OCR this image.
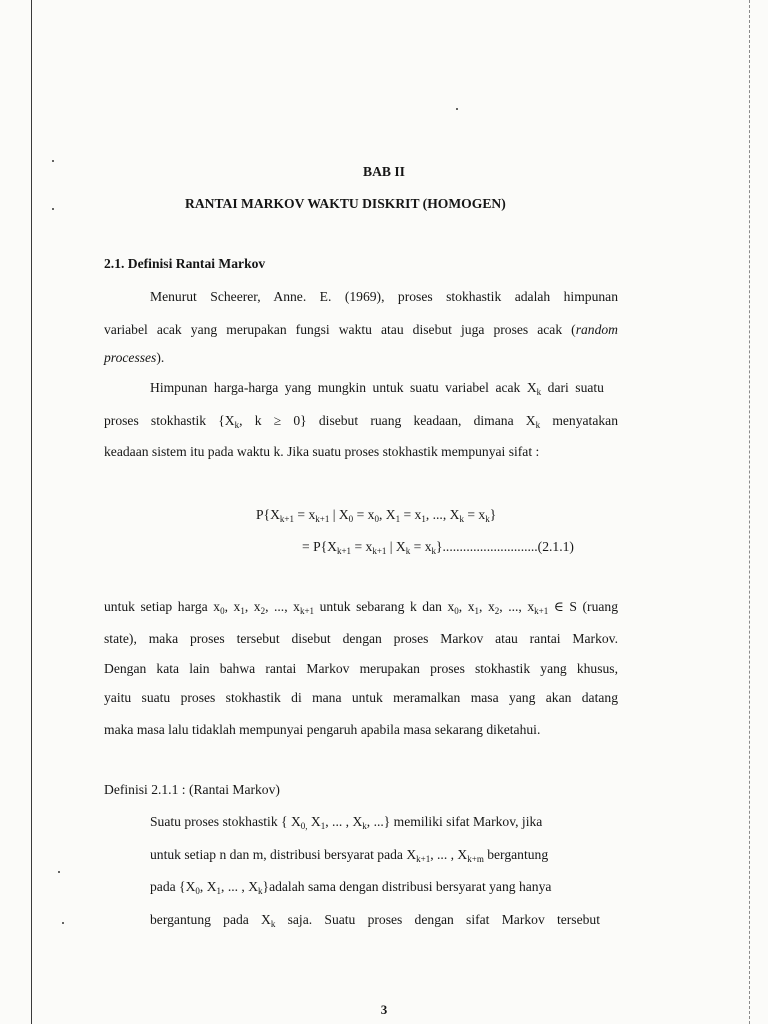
BAB II
RANTAI MARKOV WAKTU DISKRIT (HOMOGEN)
2.1. Definisi Rantai Markov
Menurut Scheerer, Anne. E. (1969), proses stokhastik adalah himpunan
variabel acak yang merupakan fungsi waktu atau disebut juga proses acak (random
processes).
Himpunan harga-harga yang mungkin untuk suatu variabel acak $X_k$ dari suatu
proses stokhastik {$X_k$, k ≥ 0} disebut ruang keadaan, dimana $X_k$ menyatakan
keadaan sistem itu pada waktu k. Jika suatu proses stokhastik mempunyai sifat :
$P\{X_{k+1} = x_{k+1}$ | $X_0 = x_0$, $X_1 = x_1$, ..., $X_k = x_k$}
= $P\{X_{k+1} = x_{k+1}$ | $X_k = x_k\}............................(2.1.1)$
untuk setiap harga $x_0$, $x_1$, $x_2$, ..., $x_{k+1}$ untuk sebarang k dan $x_0$, $x_1$, $x_2$, ..., $x_{k+1}$ ∈ S (ruang
state), maka proses tersebut disebut dengan proses Markov atau rantai Markov.
Dengan kata lain bahwa rantai Markov merupakan proses stokhastik yang khusus,
yaitu suatu proses stokhastik di mana untuk meramalkan masa yang akan datang
maka masa lalu tidaklah mempunyai pengaruh apabila masa sekarang diketahui.
Definisi 2.1.1 : (Rantai Markov)
Suatu proses stokhastik { $X_{0,}$ $X_1$, ... , $X_k$, ...} memiliki sifat Markov, jika
untuk setiap n dan m, distribusi bersyarat pada $X_{k+1}$, ... , $X_{k+m}$ bergantung
pada {$X_0$, $X_1$, ... , $X_k\}adalah$ sama dengan distribusi bersyarat yang hanya
bergantung pada $X_k$ saja. Suatu proses dengan sifat Markov tersebut
3
